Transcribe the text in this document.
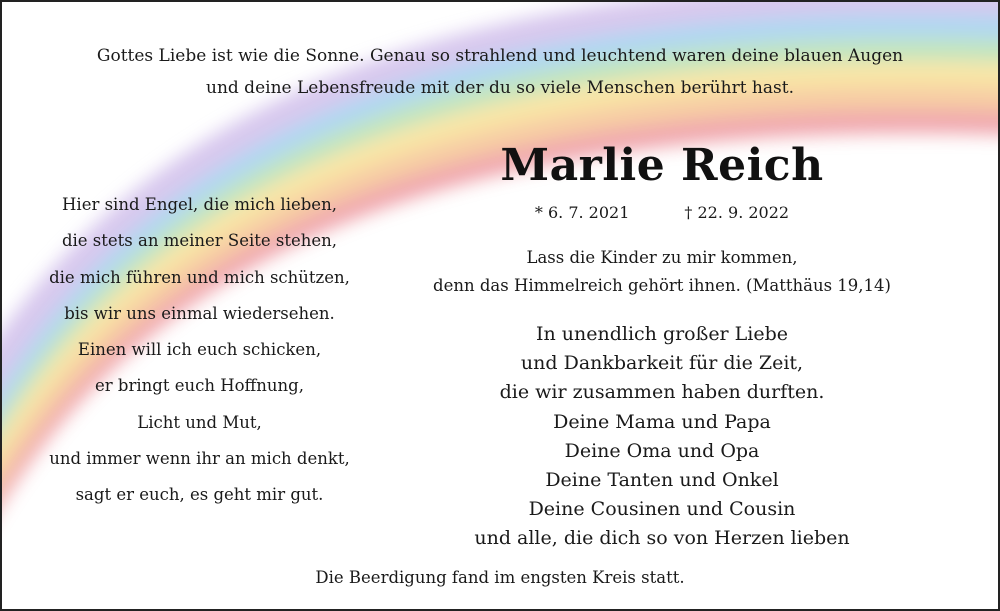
Gottes Liebe ist wie die Sonne. Genau so strahlend und leuchtend waren deine blauen Augen
und deine Lebensfreude mit der du so viele Menschen berührt hast.
Marlie Reich
* 6. 7. 2021	† 22. 9. 2022
Lass die Kinder zu mir kommen,
denn das Himmelreich gehört ihnen. (Matthäus 19,14)
Hier sind Engel, die mich lieben,
die stets an meiner Seite stehen,
die mich führen und mich schützen,
bis wir uns einmal wiedersehen.
Einen will ich euch schicken,
er bringt euch Hoffnung,
Licht und Mut,
und immer wenn ihr an mich denkt,
sagt er euch, es geht mir gut.
In unendlich großer Liebe
und Dankbarkeit für die Zeit,
die wir zusammen haben durften.
Deine Mama und Papa
Deine Oma und Opa
Deine Tanten und Onkel
Deine Cousinen und Cousin
und alle, die dich so von Herzen lieben
Die Beerdigung fand im engsten Kreis statt.
